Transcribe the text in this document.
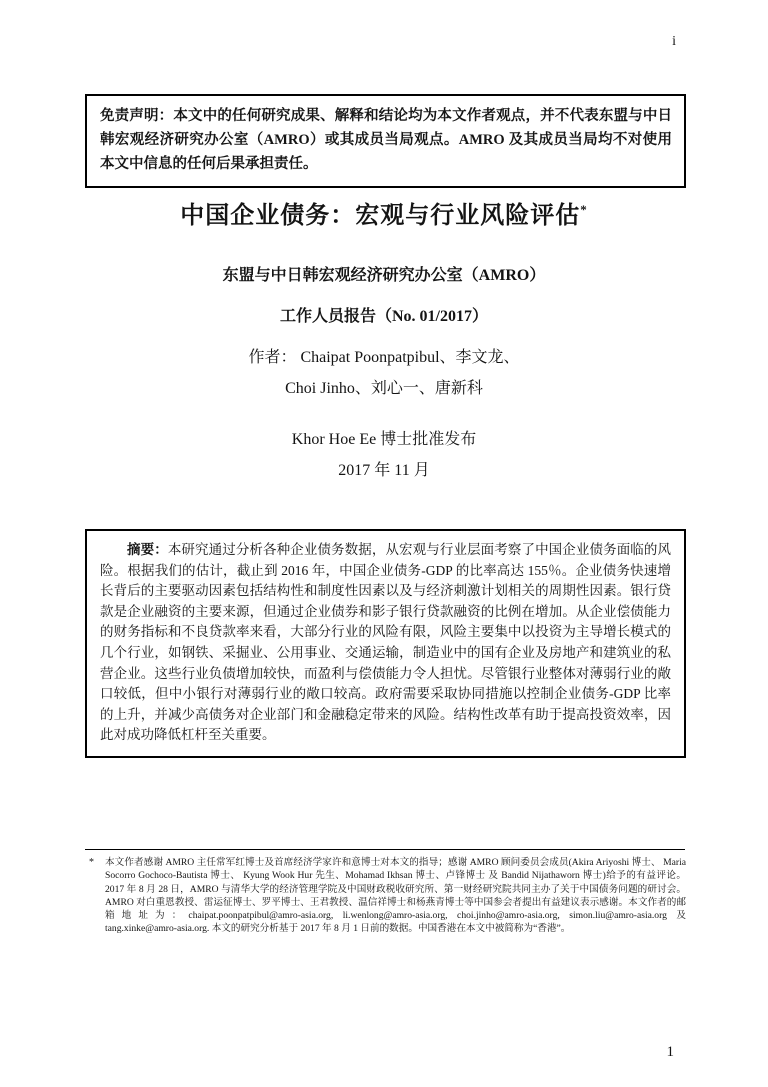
i
免责声明：本文中的任何研究成果、解释和结论均为本文作者观点，并不代表东盟与中日韩宏观经济研究办公室（AMRO）或其成员当局观点。AMRO 及其成员当局均不对使用本文中信息的任何后果承担责任。
中国企业债务：宏观与行业风险评估*

东盟与中日韩宏观经济研究办公室（AMRO）

工作人员报告（No. 01/2017）

作者： Chaipat Poonpatpibul、李文龙、

Choi Jinho、刘心一、唐新科

Khor Hoe Ee 博士批准发布

2017 年 11 月

摘要：本研究通过分析各种企业债务数据，从宏观与行业层面考察了中国企业债务面临的风险。根据我们的估计，截止到 2016 年，中国企业债务-GDP 的比率高达 155％。企业债务快速增长背后的主要驱动因素包括结构性和制度性因素以及与经济刺激计划相关的周期性因素。银行贷款是企业融资的主要来源，但通过企业债券和影子银行贷款融资的比例在增加。从企业偿债能力的财务指标和不良贷款率来看，大部分行业的风险有限，风险主要集中以投资为主导增长模式的几个行业，如钢铁、采掘业、公用事业、交通运输，制造业中的国有企业及房地产和建筑业的私营企业。这些行业负债增加较快，而盈利与偿债能力令人担忧。尽管银行业整体对薄弱行业的敞口较低，但中小银行对薄弱行业的敞口较高。政府需要采取协同措施以控制企业债务-GDP 比率的上升，并减少高债务对企业部门和金融稳定带来的风险。结构性改革有助于提高投资效率，因此对成功降低杠杆至关重要。

* 本文作者感谢 AMRO 主任常军红博士及首席经济学家许和意博士对本文的指导；感谢 AMRO 顾问委员会成员(Akira Ariyoshi 博士、 Maria Socorro Gochoco-Bautista 博士、 Kyung Wook Hur 先生、Mohamad Ikhsan 博士、卢锋博士 及 Bandid Nijathaworn 博士)给予的有益评论。2017 年 8 月 28 日，AMRO 与清华大学的经济管理学院及中国财政税收研究所、第一财经研究院共同主办了关于中国债务问题的研讨会。 AMRO 对白重恩教授、雷运征博士、罗平博士、王君教授、温信祥博士和杨燕青博士等中国参会者提出有益建议表示感谢。本文作者的邮箱地址为：chaipat.poonpatpibul@amro-asia.org, li.wenlong@amro-asia.org, choi.jinho@amro-asia.org, simon.liu@amro-asia.org 及 tang.xinke@amro-asia.org. 本文的研究分析基于 2017 年 8 月 1 日前的数据。中国香港在本文中被简称为“香港”。
1
